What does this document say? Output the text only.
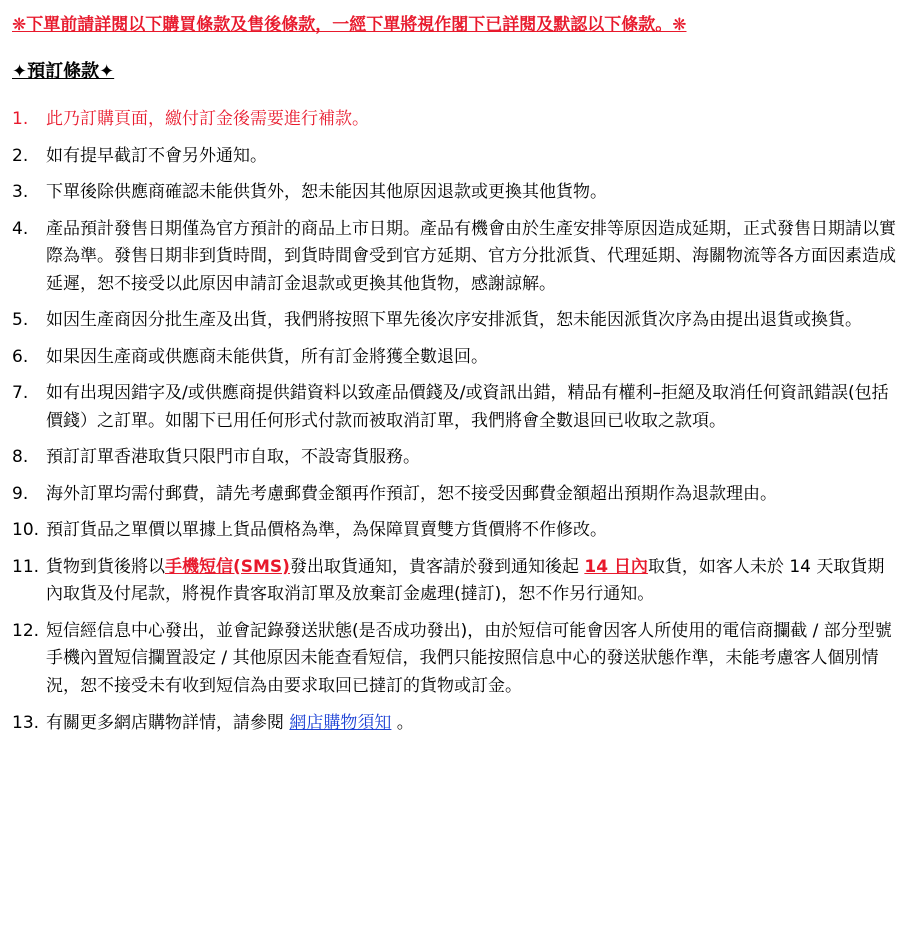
❋下單前請詳閱以下購買條款及售後條款，一經下單將視作閣下已詳閱及默認以下條款。❋
✦預訂條款✦
1.	此乃訂購頁面，繳付訂金後需要進行補款。
2.	如有提早截訂不會另外通知。
3.	下單後除供應商確認未能供貨外，恕未能因其他原因退款或更換其他貨物。
4.	產品預計發售日期僅為官方預計的商品上市日期。產品有機會由於生產安排等原因造成延期，正式發售日期請以實際為準。發售日期非到貨時間，到貨時間會受到官方延期、官方分批派貨、代理延期、海關物流等各方面因素造成延遲，恕不接受以此原因申請訂金退款或更換其他貨物，感謝諒解。
5.	如因生產商因分批生產及出貨，我們將按照下單先後次序安排派貨，恕未能因派貨次序為由提出退貨或換貨。
6.	如果因生產商或供應商未能供貨，所有訂金將獲全數退回。
7.	如有出現因錯字及/或供應商提供錯資料以致產品價錢及/或資訊出錯，精品有權利–拒絕及取消任何資訊錯誤(包括價錢）之訂單。如閣下已用任何形式付款而被取消訂單，我們將會全數退回已收取之款項。
8.	預訂訂單香港取貨只限門市自取，不設寄貨服務。
9.	海外訂單均需付郵費，請先考慮郵費金額再作預訂，恕不接受因郵費金額超出預期作為退款理由。
10. 預訂貨品之單價以單據上貨品價格為準，為保障買賣雙方貨價將不作修改。
11. 貨物到貨後將以手機短信(SMS)發出取貨通知，貴客請於發到通知後起 14 日內取貨，如客人未於 14 天取貨期內取貨及付尾款，將視作貴客取消訂單及放棄訂金處理(撻訂)，恕不作另行通知。
12. 短信經信息中心發出，並會記錄發送狀態(是否成功發出)，由於短信可能會因客人所使用的電信商攔截 / 部分型號手機內置短信攔置設定 / 其他原因未能查看短信，我們只能按照信息中心的發送狀態作準，未能考慮客人個別情況，恕不接受未有收到短信為由要求取回已撻訂的貨物或訂金。
13. 有關更多網店購物詳情，請參閱 網店購物須知 。
